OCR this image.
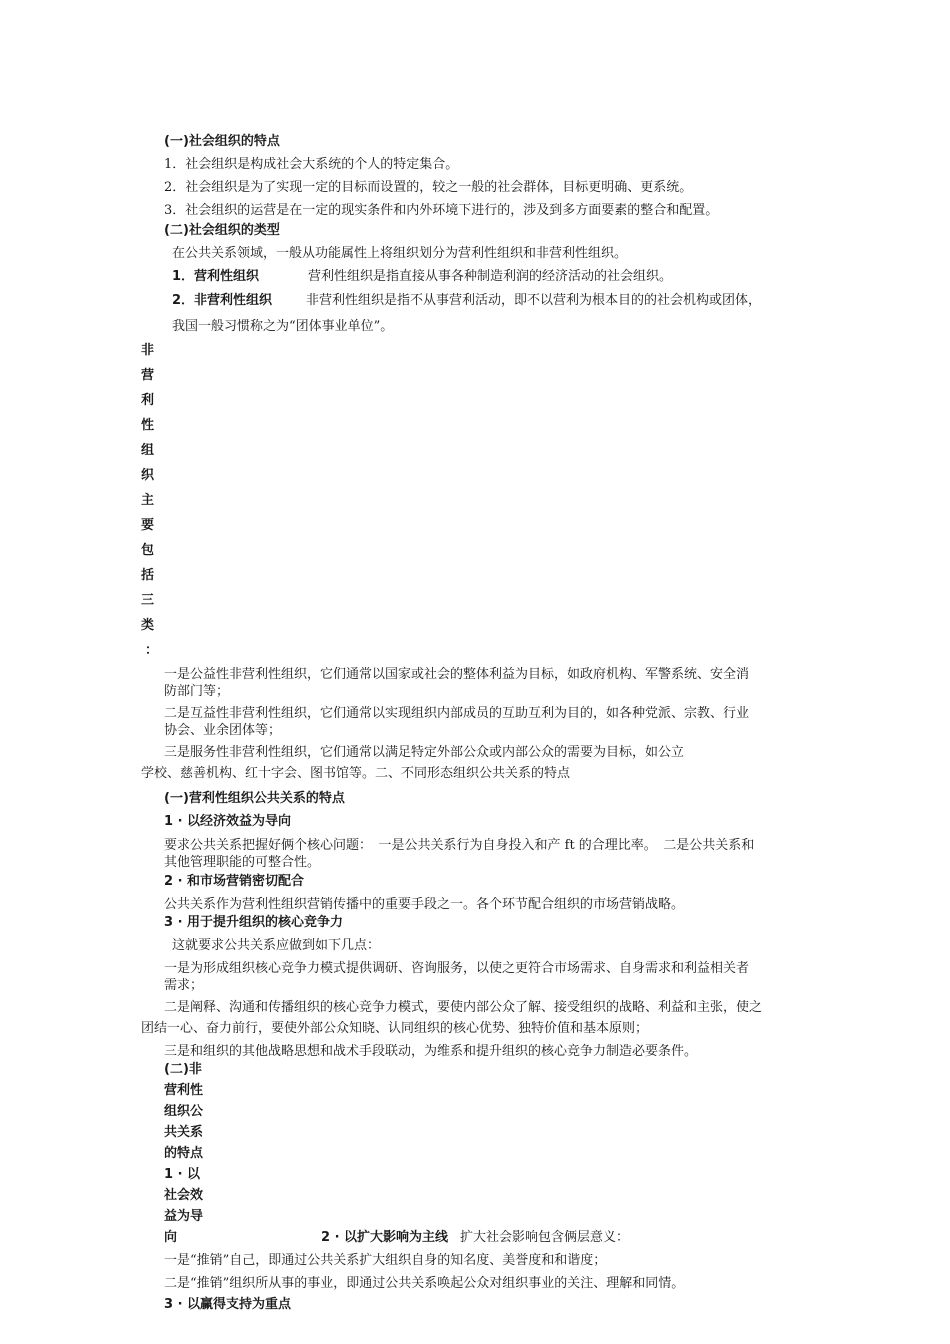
(一)社会组织的特点
1．社会组织是构成社会大系统的个人的特定集合。
2．社会组织是为了实现一定的目标而设置的，较之一般的社会群体，目标更明确、更系统。
3．社会组织的运营是在一定的现实条件和内外环境下进行的，涉及到多方面要素的整合和配置。
(二)社会组织的类型
在公共关系领域，一般从功能属性上将组织划分为营利性组织和非营利性组织。
1．营利性组织	营利性组织是指直接从事各种制造利润的经济活动的社会组织。
2．非营利性组织	非营利性组织是指不从事营利活动，即不以营利为根本目的的社会机构或团体，
我国一般习惯称之为“团体事业单位”。
非
营
利
性
组
织
主
要
包
括
三
类
：
一是公益性非营利性组织，它们通常以国家或社会的整体利益为目标，如政府机构、军警系统、安全消
防部门等；
二是互益性非营利性组织，它们通常以实现组织内部成员的互助互利为目的，如各种党派、宗教、行业
协会、业余团体等；
三是服务性非营利性组织，它们通常以满足特定外部公众或内部公众的需要为目标，如公立
学校、慈善机构、红十字会、图书馆等。二、不同形态组织公共关系的特点
(一)营利性组织公共关系的特点
1 · 以经济效益为导向
要求公共关系把握好俩个核心问题：　一是公共关系行为自身投入和产 ft 的合理比率。　二是公共关系和
其他管理职能的可整合性。
2 · 和市场营销密切配合
公共关系作为营利性组织营销传播中的重要手段之一。各个环节配合组织的市场营销战略。
3 · 用于提升组织的核心竞争力
这就要求公共关系应做到如下几点：
一是为形成组织核心竞争力模式提供调研、咨询服务，以使之更符合市场需求、自身需求和利益相关者
需求；
二是阐释、沟通和传播组织的核心竞争力模式，要使内部公众了解、接受组织的战略、利益和主张，使之
团结一心、奋力前行，要使外部公众知晓、认同组织的核心优势、独特价值和基本原则；
三是和组织的其他战略思想和战术手段联动，为维系和提升组织的核心竞争力制造必要条件。
(二)非
营利性
组织公
共关系
的特点
1 · 以
社会效
益为导
向	2 · 以扩大影响为主线 扩大社会影响包含俩层意义：
一是“推销”自己，即通过公共关系扩大组织自身的知名度、美誉度和和谐度；
二是“推销”组织所从事的事业，即通过公共关系唤起公众对组织事业的关注、理解和同情。
3 · 以赢得支持为重点
